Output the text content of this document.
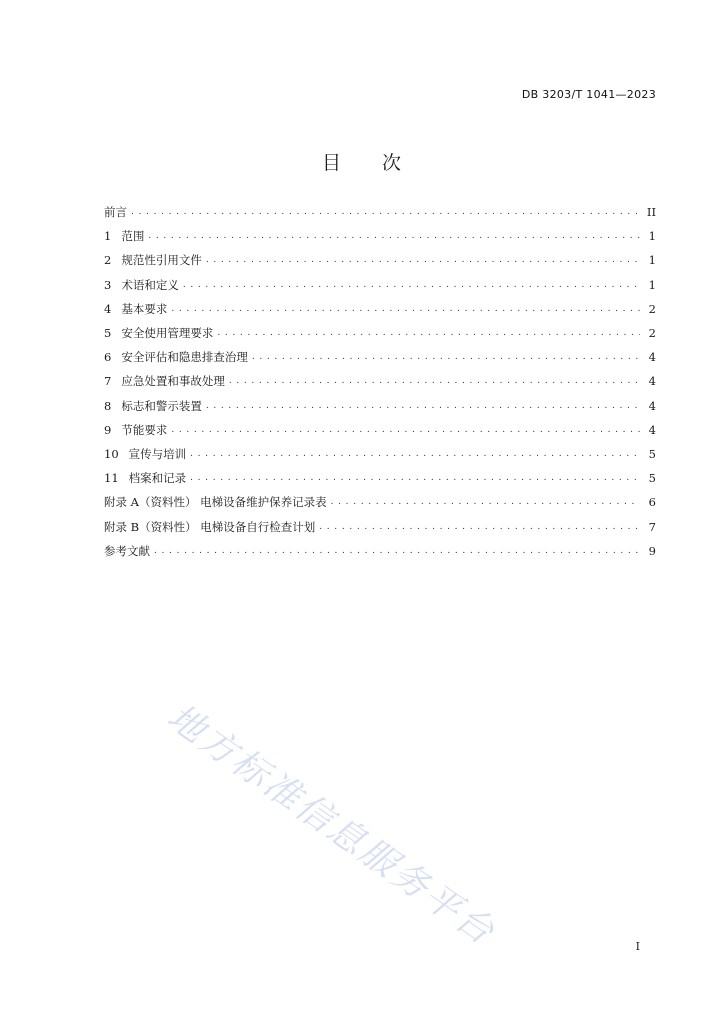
DB 3203/T 1041—2023
目 次
前言 . . .	II
1 范围 . . .	1
2 规范性引用文件 . . .	1
3 术语和定义 . . .	1
4 基本要求 . . .	2
5 安全使用管理要求 . . .	2
6 安全评估和隐患排查治理 . . .	4
7 应急处置和事故处理 . . .	4
8 标志和警示装置 . . .	4
9 节能要求 . . .	4
10 宣传与培训 . . .	5
11 档案和记录 . . .	5
附录 A（资料性） 电梯设备维护保养记录表 . . .	6
附录 B（资料性） 电梯设备自行检查计划 . . .	7
参考文献 . . .	9
地方标准信息服务平台	I
